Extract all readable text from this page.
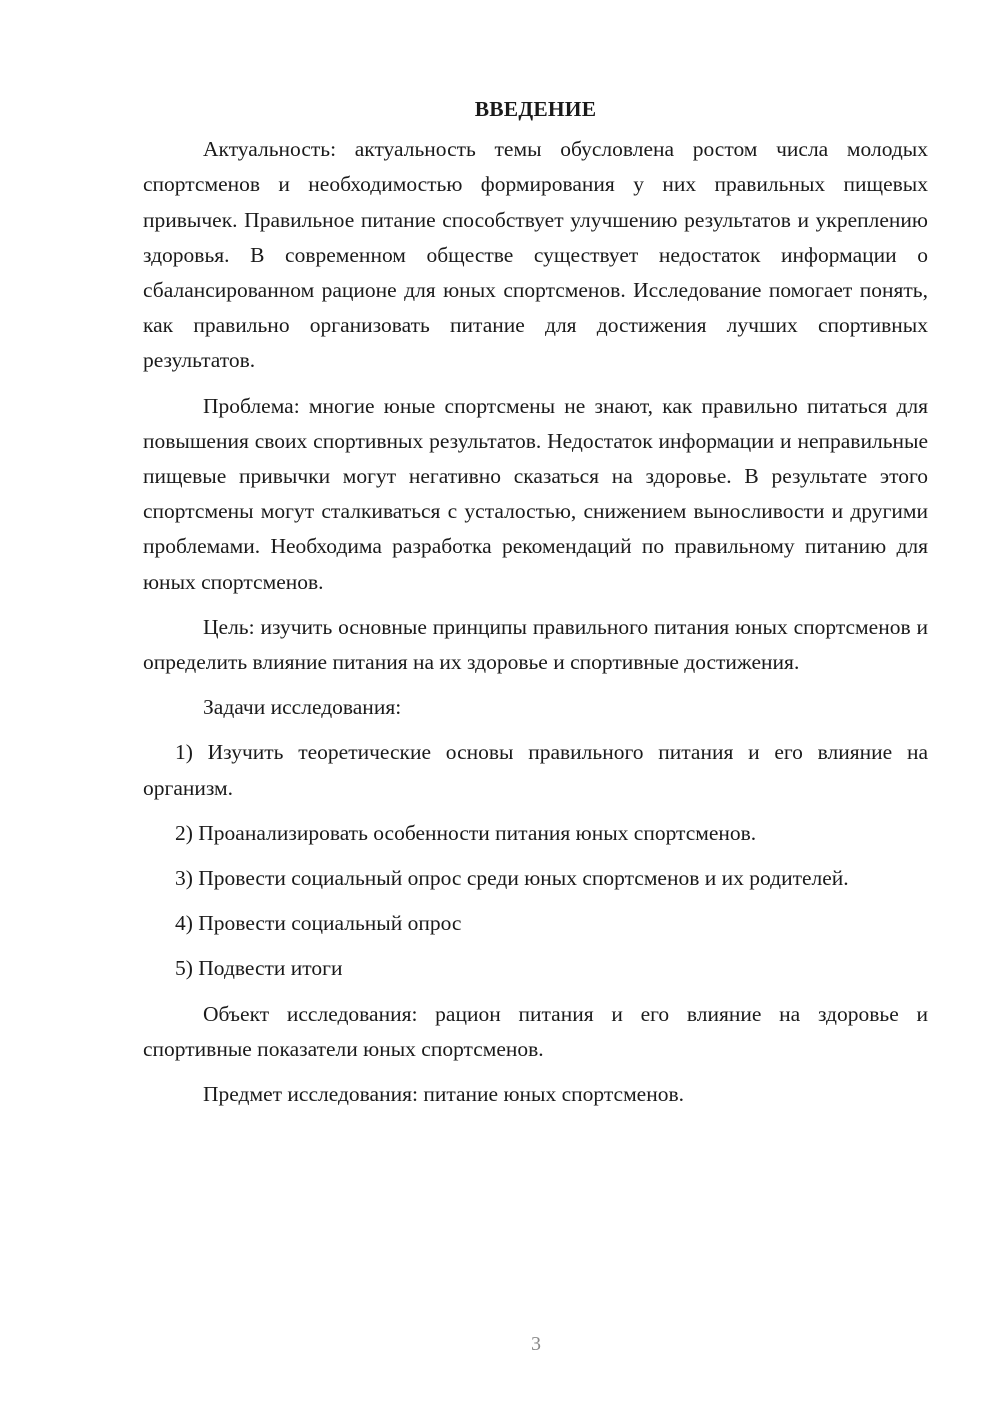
ВВЕДЕНИЕ

Актуальность: актуальность темы обусловлена ростом числа молодых спортсменов и необходимостью формирования у них правильных пищевых привычек. Правильное питание способствует улучшению результатов и укреплению здоровья. В современном обществе существует недостаток информации о сбалансированном рационе для юных спортсменов. Исследование помогает понять, как правильно организовать питание для достижения лучших спортивных результатов.

Проблема: многие юные спортсмены не знают, как правильно питаться для повышения своих спортивных результатов. Недостаток информации и неправильные пищевые привычки могут негативно сказаться на здоровье. В результате этого спортсмены могут сталкиваться с усталостью, снижением выносливости и другими проблемами. Необходима разработка рекомендаций по правильному питанию для юных спортсменов.

Цель: изучить основные принципы правильного питания юных спортсменов и определить влияние питания на их здоровье и спортивные достижения.

Задачи исследования:

1) Изучить теоретические основы правильного питания и его влияние на организм.

2) Проанализировать особенности питания юных спортсменов.

3) Провести социальный опрос среди юных спортсменов и их родителей.

4) Провести социальный опрос

5) Подвести итоги

Объект исследования: рацион питания и его влияние на здоровье и спортивные показатели юных спортсменов.

Предмет исследования: питание юных спортсменов.

3
